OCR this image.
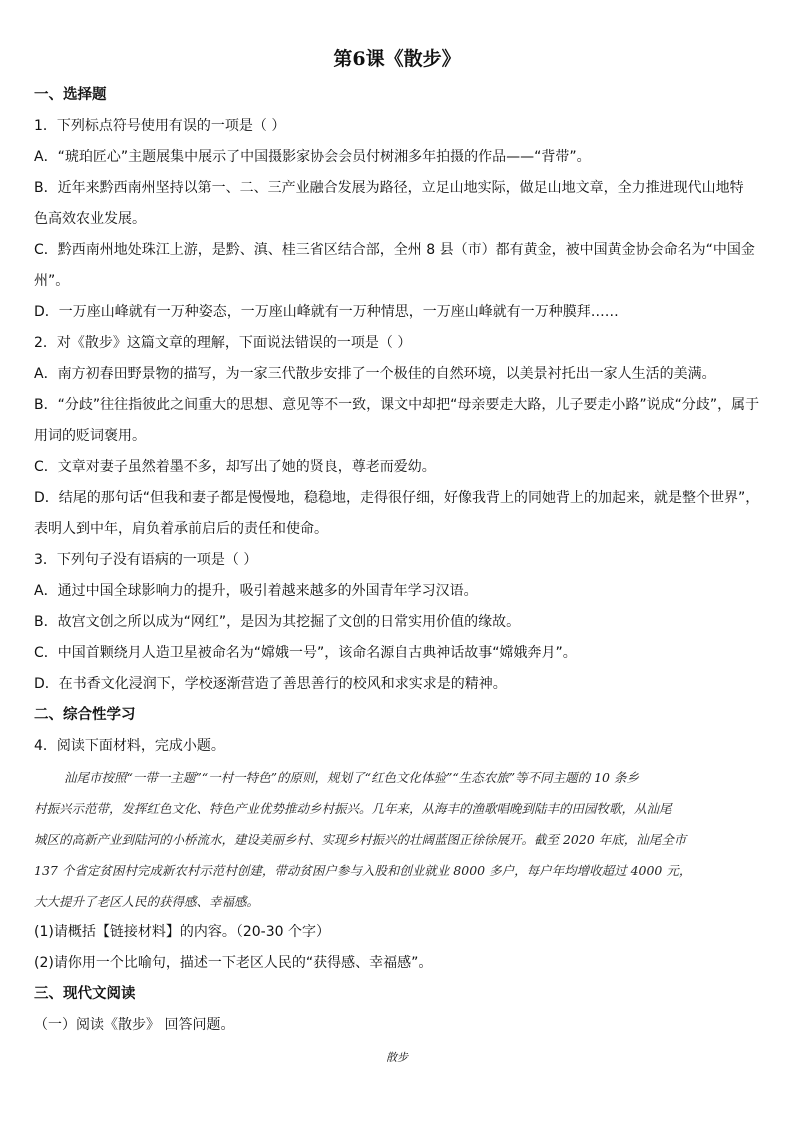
第6课《散步》
一、选择题
1．下列标点符号使用有误的一项是（ ）
A．“琥珀匠心”主题展集中展示了中国摄影家协会会员付树湘多年拍摄的作品——“背带”。
B．近年来黔西南州坚持以第一、二、三产业融合发展为路径，立足山地实际，做足山地文章，全力推进现代山地特
色高效农业发展。
C．黔西南州地处珠江上游，是黔、滇、桂三省区结合部，全州 8 县（市）都有黄金，被中国黄金协会命名为“中国金
州”。
D．一万座山峰就有一万种姿态，一万座山峰就有一万种情思，一万座山峰就有一万种膜拜……
2．对《散步》这篇文章的理解，下面说法错误的一项是（ ）
A．南方初春田野景物的描写，为一家三代散步安排了一个极佳的自然环境，以美景衬托出一家人生活的美满。
B．“分歧”往往指彼此之间重大的思想、意见等不一致，课文中却把“母亲要走大路，儿子要走小路”说成“分歧”，属于
用词的贬词褒用。
C．文章对妻子虽然着墨不多，却写出了她的贤良，尊老而爱幼。
D．结尾的那句话“但我和妻子都是慢慢地，稳稳地，走得很仔细，好像我背上的同她背上的加起来，就是整个世界”，
表明人到中年，肩负着承前启后的责任和使命。
3．下列句子没有语病的一项是（ ）
A．通过中国全球影响力的提升，吸引着越来越多的外国青年学习汉语。
B．故宫文创之所以成为“网红”，是因为其挖掘了文创的日常实用价值的缘故。
C．中国首颗绕月人造卫星被命名为“嫦娥一号”，该命名源自古典神话故事“嫦娥奔月”。
D．在书香文化浸润下，学校逐渐营造了善思善行的校风和求实求是的精神。
二、综合性学习
4．阅读下面材料，完成小题。

汕尾市按照“一带一主题”“一村一特色”的原则，规划了“红色文化体验”“生态农旅”等不同主题的 10 条乡

村振兴示范带，发挥红色文化、特色产业优势推动乡村振兴。几年来，从海丰的渔歌唱晚到陆丰的田园牧歌，从汕尾

城区的高新产业到陆河的小桥流水，建设美丽乡村、实现乡村振兴的壮阔蓝图正徐徐展开。截至 2020 年底，汕尾全市

137 个省定贫困村完成新农村示范村创建，带动贫困户参与入股和创业就业 8000 多户，每户年均增收超过 4000 元，

大大提升了老区人民的获得感、幸福感。

(1)请概括【链接材料】的内容。（20-30 个字）
(2)请你用一个比喻句，描述一下老区人民的“获得感、幸福感”。
三、现代文阅读
（一）阅读《散步》 回答问题。
散步
